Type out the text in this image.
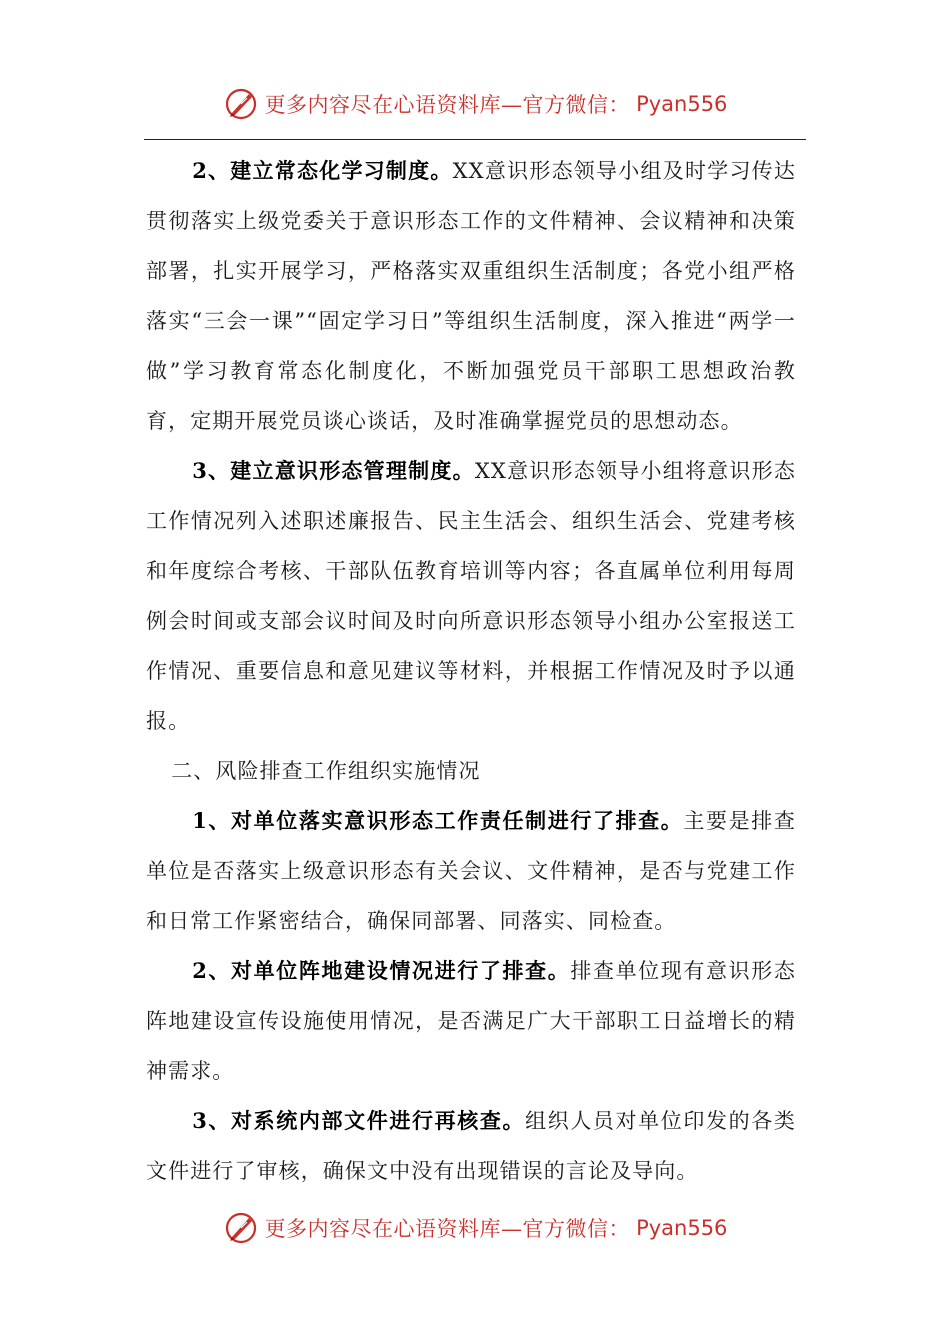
更多内容尽在心语资料库—官方微信： Pyan556

2、建立常态化学习制度。XX意识形态领导小组及时学习传达贯彻落实上级党委关于意识形态工作的文件精神、会议精神和决策部署，扎实开展学习，严格落实双重组织生活制度；各党小组严格落实“三会一课”“固定学习日”等组织生活制度，深入推进“两学一做”学习教育常态化制度化，不断加强党员干部职工思想政治教育，定期开展党员谈心谈话，及时准确掌握党员的思想动态。

3、建立意识形态管理制度。XX意识形态领导小组将意识形态工作情况列入述职述廉报告、民主生活会、组织生活会、党建考核和年度综合考核、干部队伍教育培训等内容；各直属单位利用每周例会时间或支部会议时间及时向所意识形态领导小组办公室报送工作情况、重要信息和意见建议等材料，并根据工作情况及时予以通报。

二、风险排查工作组织实施情况

1、对单位落实意识形态工作责任制进行了排查。主要是排查单位是否落实上级意识形态有关会议、文件精神，是否与党建工作和日常工作紧密结合，确保同部署、同落实、同检查。

2、对单位阵地建设情况进行了排查。排查单位现有意识形态阵地建设宣传设施使用情况，是否满足广大干部职工日益增长的精神需求。

3、对系统内部文件进行再核查。组织人员对单位印发的各类文件进行了审核，确保文中没有出现错误的言论及导向。

更多内容尽在心语资料库—官方微信： Pyan556
